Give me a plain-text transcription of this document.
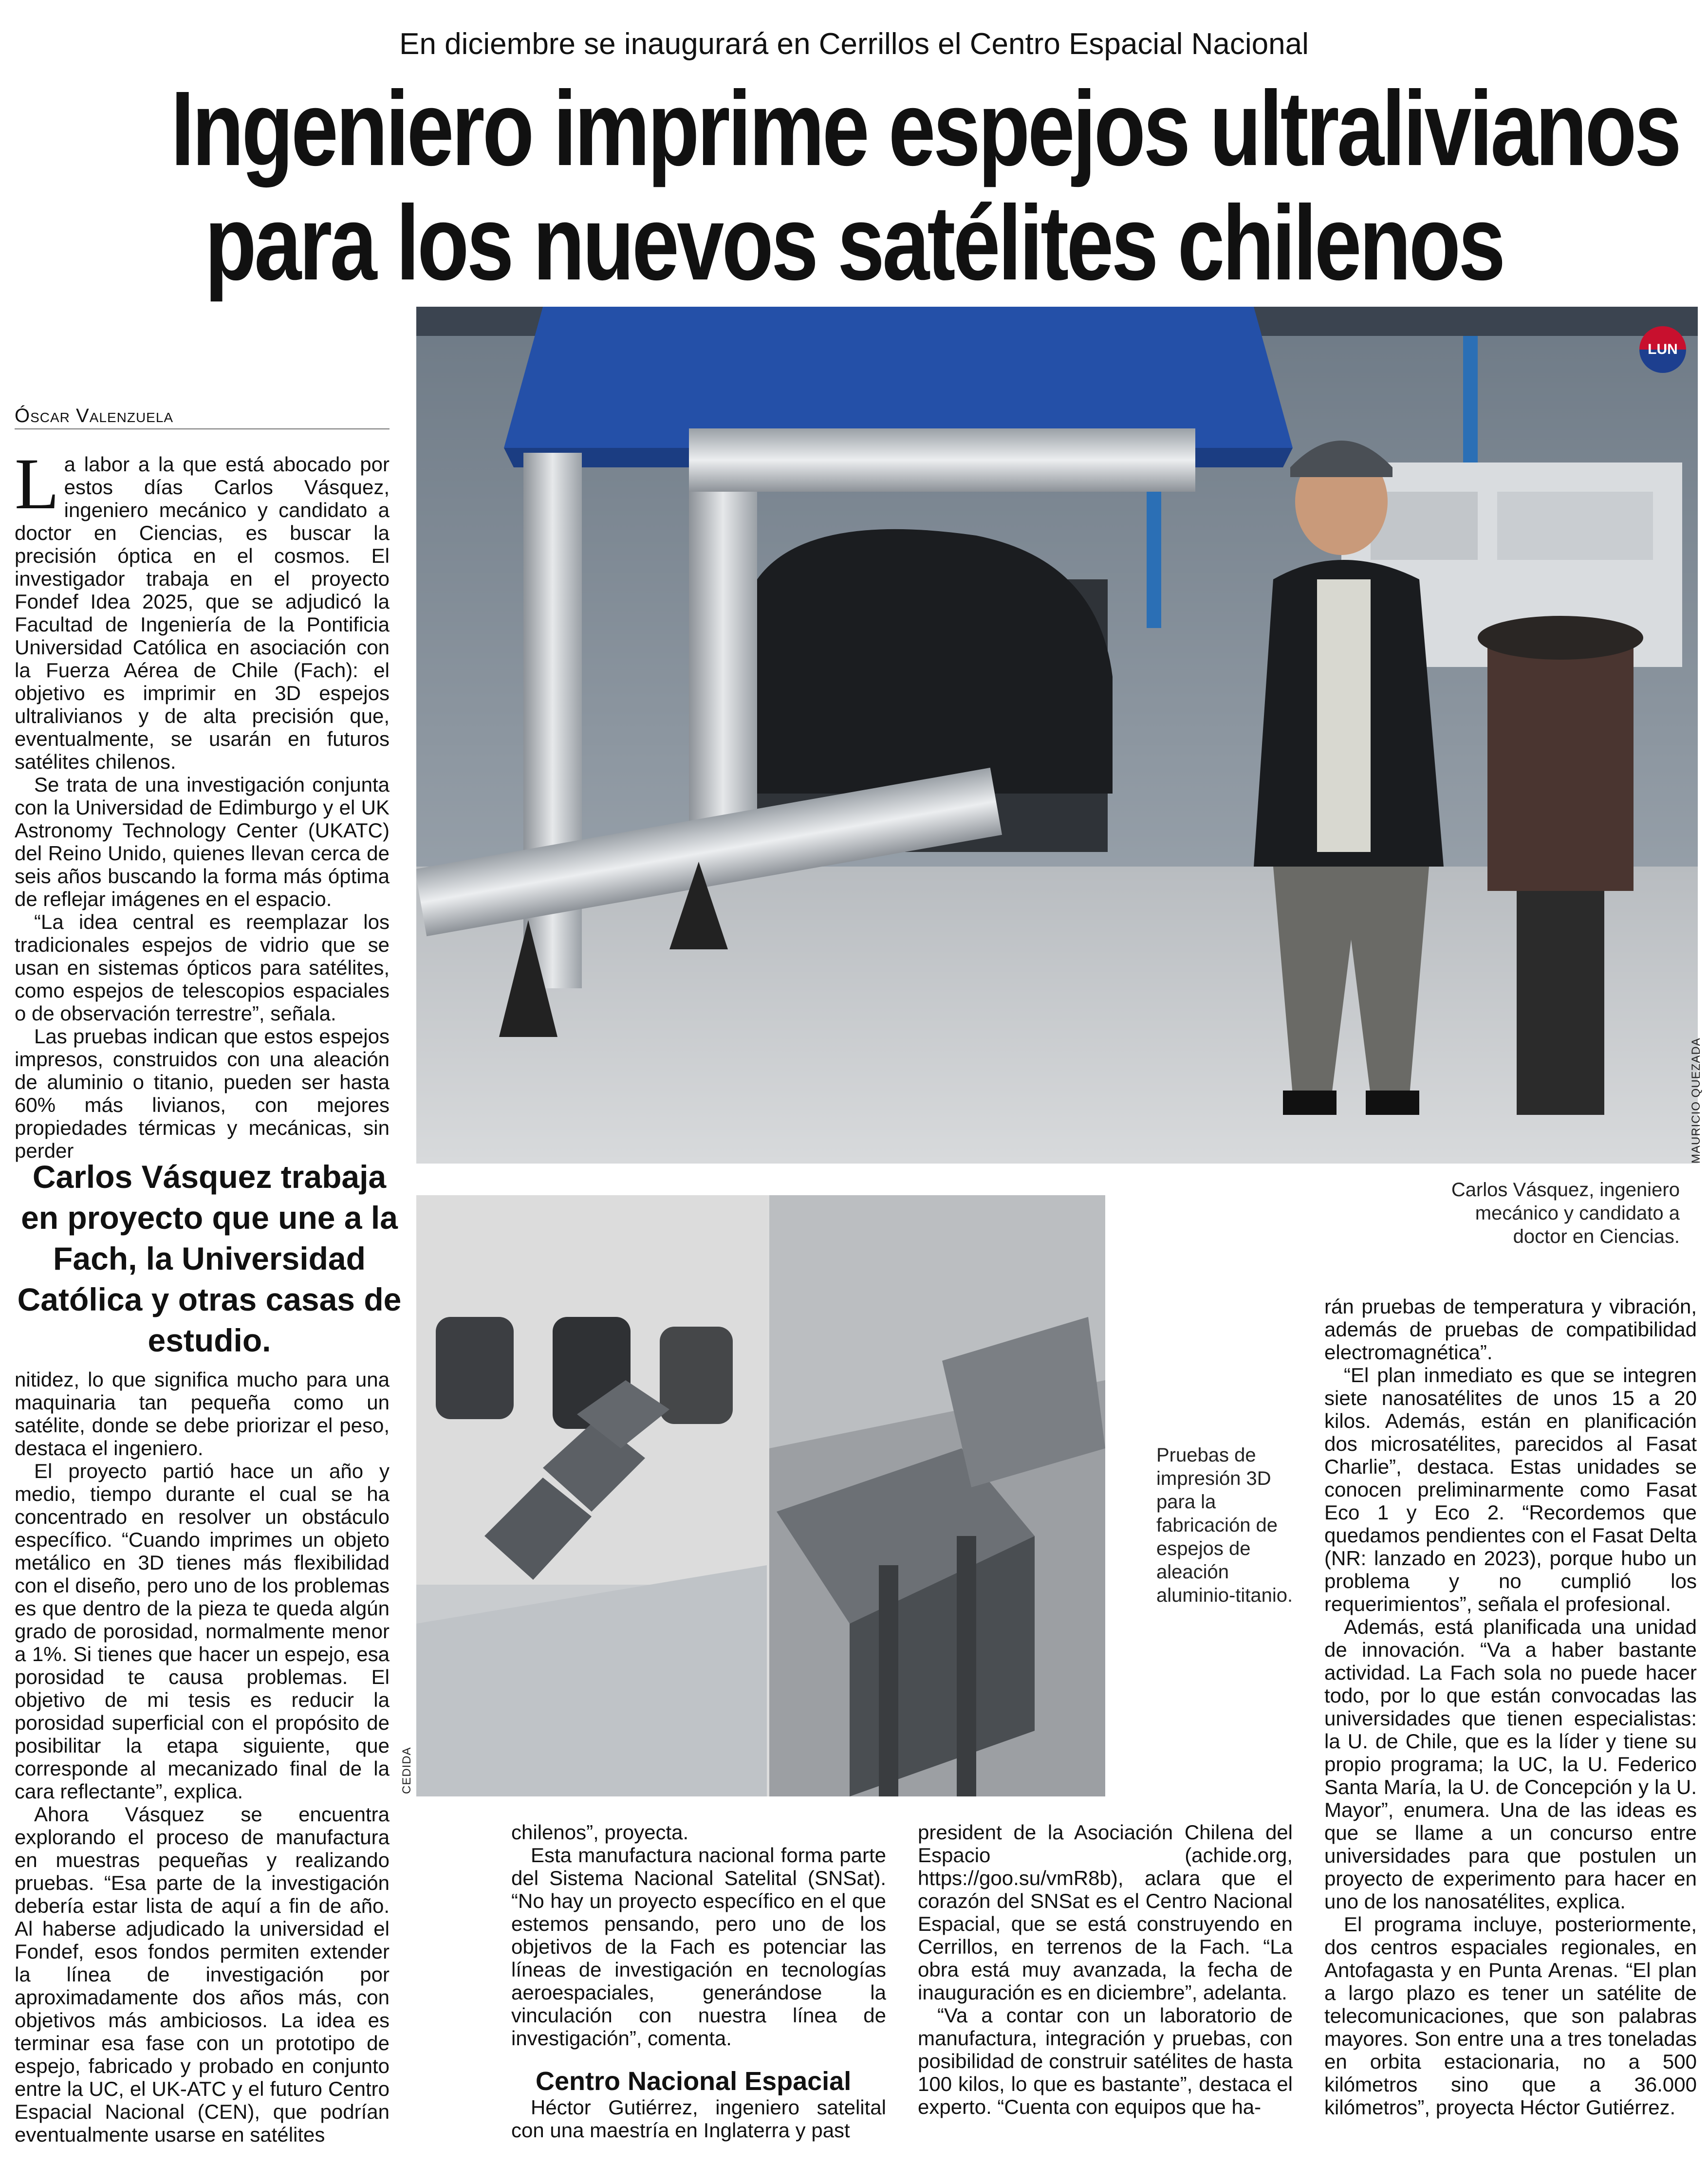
En diciembre se inaugurará en Cerrillos el Centro Espacial Nacional
Ingeniero imprime espejos ultralivianos
para los nuevos satélites chilenos
Óscar Valenzuela

La labor a la que está abocado por estos días Carlos Vásquez, ingeniero mecánico y candidato a doctor en Ciencias, es buscar la precisión óptica en el cosmos. El investigador trabaja en el proyecto Fondef Idea 2025, que se adjudicó la Facultad de Ingeniería de la Pontificia Universidad Católica en asociación con la Fuerza Aérea de Chile (Fach): el objetivo es imprimir en 3D espejos ultralivianos y de alta precisión que, eventualmente, se usarán en futuros satélites chilenos.

Se trata de una investigación conjunta con la Universidad de Edimburgo y el UK Astronomy Technology Center (UKATC) del Reino Unido, quienes llevan cerca de seis años buscando la forma más óptima de reflejar imágenes en el espacio.

“La idea central es reemplazar los tradicionales espejos de vidrio que se usan en sistemas ópticos para satélites, como espejos de telescopios espaciales o de observación terrestre”, señala.

Las pruebas indican que estos espejos impresos, construidos con una aleación de aluminio o titanio, pueden ser hasta 60% más livianos, con mejores propiedades térmicas y mecánicas, sin perder

LUN
MAURICIO QUEZADA
Carlos Vásquez, ingeniero mecánico y candidato a doctor en Ciencias.
Carlos Vásquez trabaja en proyecto que une a la Fach, la Universidad Católica y otras casas de estudio.
CEDIDA
Pruebas de impresión 3D para la fabricación de espejos de aleación aluminio-titanio.

nitidez, lo que significa mucho para una maquinaria tan pequeña como un satélite, donde se debe priorizar el peso, destaca el ingeniero.

El proyecto partió hace un año y medio, tiempo durante el cual se ha concentrado en resolver un obstáculo específico. “Cuando imprimes un objeto metálico en 3D tienes más flexibilidad con el diseño, pero uno de los problemas es que dentro de la pieza te queda algún grado de porosidad, normalmente menor a 1%. Si tienes que hacer un espejo, esa porosidad te causa problemas. El objetivo de mi tesis es reducir la porosidad superficial con el propósito de posibilitar la etapa siguiente, que corresponde al mecanizado final de la cara reflectante”, explica.

Ahora Vásquez se encuentra explorando el proceso de manufactura en muestras pequeñas y realizando pruebas. “Esa parte de la investigación debería estar lista de aquí a fin de año. Al haberse adjudicado la universidad el Fondef, esos fondos permiten extender la línea de investigación por aproximadamente dos años más, con objetivos más ambiciosos. La idea es terminar esa fase con un prototipo de espejo, fabricado y probado en conjunto entre la UC, el UK-ATC y el futuro Centro Espacial Nacional (CEN), que podrían eventualmente usarse en satélites

chilenos”, proyecta.

Esta manufactura nacional forma parte del Sistema Nacional Satelital (SNSat). “No hay un proyecto específico en el que estemos pensando, pero uno de los objetivos de la Fach es potenciar las líneas de investigación en tecnologías aeroespaciales, generándose la vinculación con nuestra línea de investigación”, comenta.

Centro Nacional Espacial

Héctor Gutiérrez, ingeniero satelital con una maestría en Inglaterra y past

president de la Asociación Chilena del Espacio (achide.org, https://goo.su/vmR8b), aclara que el corazón del SNSat es el Centro Nacional Espacial, que se está construyendo en Cerrillos, en terrenos de la Fach. “La obra está muy avanzada, la fecha de inauguración es en diciembre”, adelanta.

“Va a contar con un laboratorio de manufactura, integración y pruebas, con posibilidad de construir satélites de hasta 100 kilos, lo que es bastante”, destaca el experto. “Cuenta con equipos que ha-

rán pruebas de temperatura y vibración, además de pruebas de compatibilidad electromagnética”.

“El plan inmediato es que se integren siete nanosatélites de unos 15 a 20 kilos. Además, están en planificación dos microsatélites, parecidos al Fasat Charlie”, destaca. Estas unidades se conocen preliminarmente como Fasat Eco 1 y Eco 2. “Recordemos que quedamos pendientes con el Fasat Delta (NR: lanzado en 2023), porque hubo un problema y no cumplió los requerimientos”, señala el profesional.

Además, está planificada una unidad de innovación. “Va a haber bastante actividad. La Fach sola no puede hacer todo, por lo que están convocadas las universidades que tienen especialistas: la U. de Chile, que es la líder y tiene su propio programa; la UC, la U. Federico Santa María, la U. de Concepción y la U. Mayor”, enumera. Una de las ideas es que se llame a un concurso entre universidades para que postulen un proyecto de experimento para hacer en uno de los nanosatélites, explica.

El programa incluye, posteriormente, dos centros espaciales regionales, en Antofagasta y en Punta Arenas. “El plan a largo plazo es tener un satélite de telecomunicaciones, que son palabras mayores. Son entre una a tres toneladas en orbita estacionaria, no a 500 kilómetros sino que a 36.000 kilómetros”, proyecta Héctor Gutiérrez.
